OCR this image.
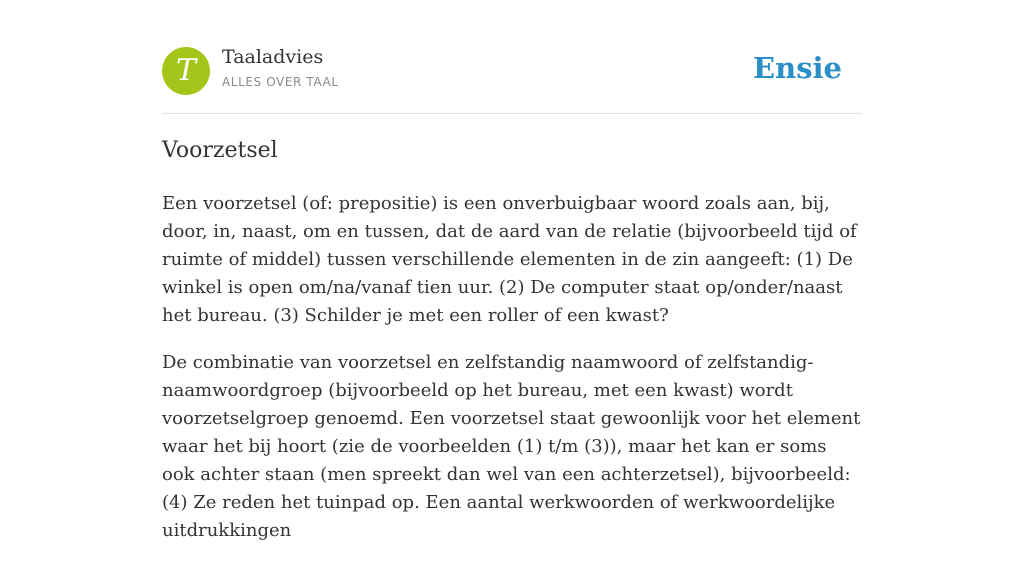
T	Taaladvies
ALLES OVER TAAL	Ensie
Voorzetsel

Een voorzetsel (of: prepositie) is een onverbuigbaar woord zoals aan, bij, door, in, naast, om en tussen, dat de aard van de relatie (bijvoorbeeld tijd of ruimte of middel) tussen verschillende elementen in de zin aangeeft: (1) De winkel is open om/na/vanaf tien uur. (2) De computer staat op/onder/naast het bureau. (3) Schilder je met een roller of een kwast?

De combinatie van voorzetsel en zelfstandig naamwoord of zelfstandig-naamwoordgroep (bijvoorbeeld op het bureau, met een kwast) wordt voorzetselgroep genoemd. Een voorzetsel staat gewoonlijk voor het element waar het bij hoort (zie de voorbeelden (1) t/m (3)), maar het kan er soms ook achter staan (men spreekt dan wel van een achterzetsel), bijvoorbeeld: (4) Ze reden het tuinpad op. Een aantal werkwoorden of werkwoordelijke uitdrukkingen
